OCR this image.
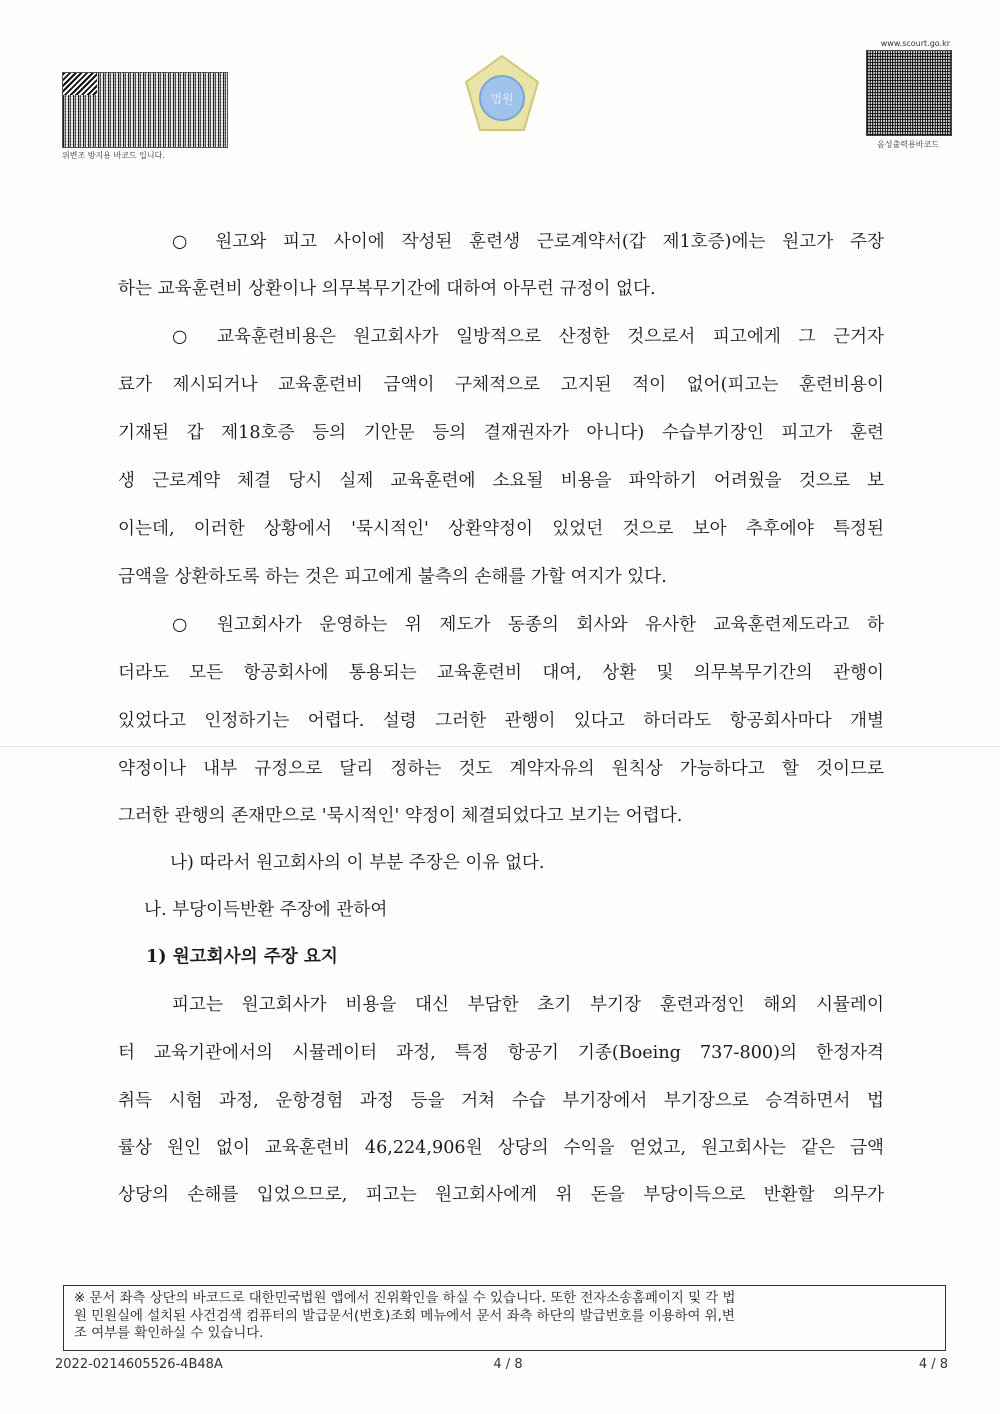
위변조 방지용 바코드 입니다.
법원
www.scourt.go.kr
음성출력용바코드
○ 원고와 피고 사이에 작성된 훈련생 근로계약서(갑 제1호증)에는 원고가 주장
하는 교육훈련비 상환이나 의무복무기간에 대하여 아무런 규정이 없다.
○ 교육훈련비용은 원고회사가 일방적으로 산정한 것으로서 피고에게 그 근거자
료가 제시되거나 교육훈련비 금액이 구체적으로 고지된 적이 없어(피고는 훈련비용이
기재된 갑 제18호증 등의 기안문 등의 결재권자가 아니다) 수습부기장인 피고가 훈련
생 근로계약 체결 당시 실제 교육훈련에 소요될 비용을 파악하기 어려웠을 것으로 보
이는데, 이러한 상황에서 '묵시적인' 상환약정이 있었던 것으로 보아 추후에야 특정된
금액을 상환하도록 하는 것은 피고에게 불측의 손해를 가할 여지가 있다.
○ 원고회사가 운영하는 위 제도가 동종의 회사와 유사한 교육훈련제도라고 하
더라도 모든 항공회사에 통용되는 교육훈련비 대여, 상환 및 의무복무기간의 관행이
있었다고 인정하기는 어렵다. 설령 그러한 관행이 있다고 하더라도 항공회사마다 개별
약정이나 내부 규정으로 달리 정하는 것도 계약자유의 원칙상 가능하다고 할 것이므로
그러한 관행의 존재만으로 '묵시적인' 약정이 체결되었다고 보기는 어렵다.
나) 따라서 원고회사의 이 부분 주장은 이유 없다.
나. 부당이득반환 주장에 관하여
1) 원고회사의 주장 요지
피고는 원고회사가 비용을 대신 부담한 초기 부기장 훈련과정인 해외 시뮬레이
터 교육기관에서의 시뮬레이터 과정, 특정 항공기 기종(Boeing 737-800)의 한정자격
취득 시험 과정, 운항경험 과정 등을 거쳐 수습 부기장에서 부기장으로 승격하면서 법
률상 원인 없이 교육훈련비 46,224,906원 상당의 수익을 얻었고, 원고회사는 같은 금액
상당의 손해를 입었으므로, 피고는 원고회사에게 위 돈을 부당이득으로 반환할 의무가
※ 문서 좌측 상단의 바코드로 대한민국법원 앱에서 진위확인을 하실 수 있습니다. 또한 전자소송홈페이지 및 각 법
원 민원실에 설치된 사건검색 컴퓨터의 발급문서(번호)조회 메뉴에서 문서 좌측 하단의 발급번호를 이용하여 위,변
조 여부를 확인하실 수 있습니다.
2022-0214605526-4B48A	4 / 8	4 / 8
